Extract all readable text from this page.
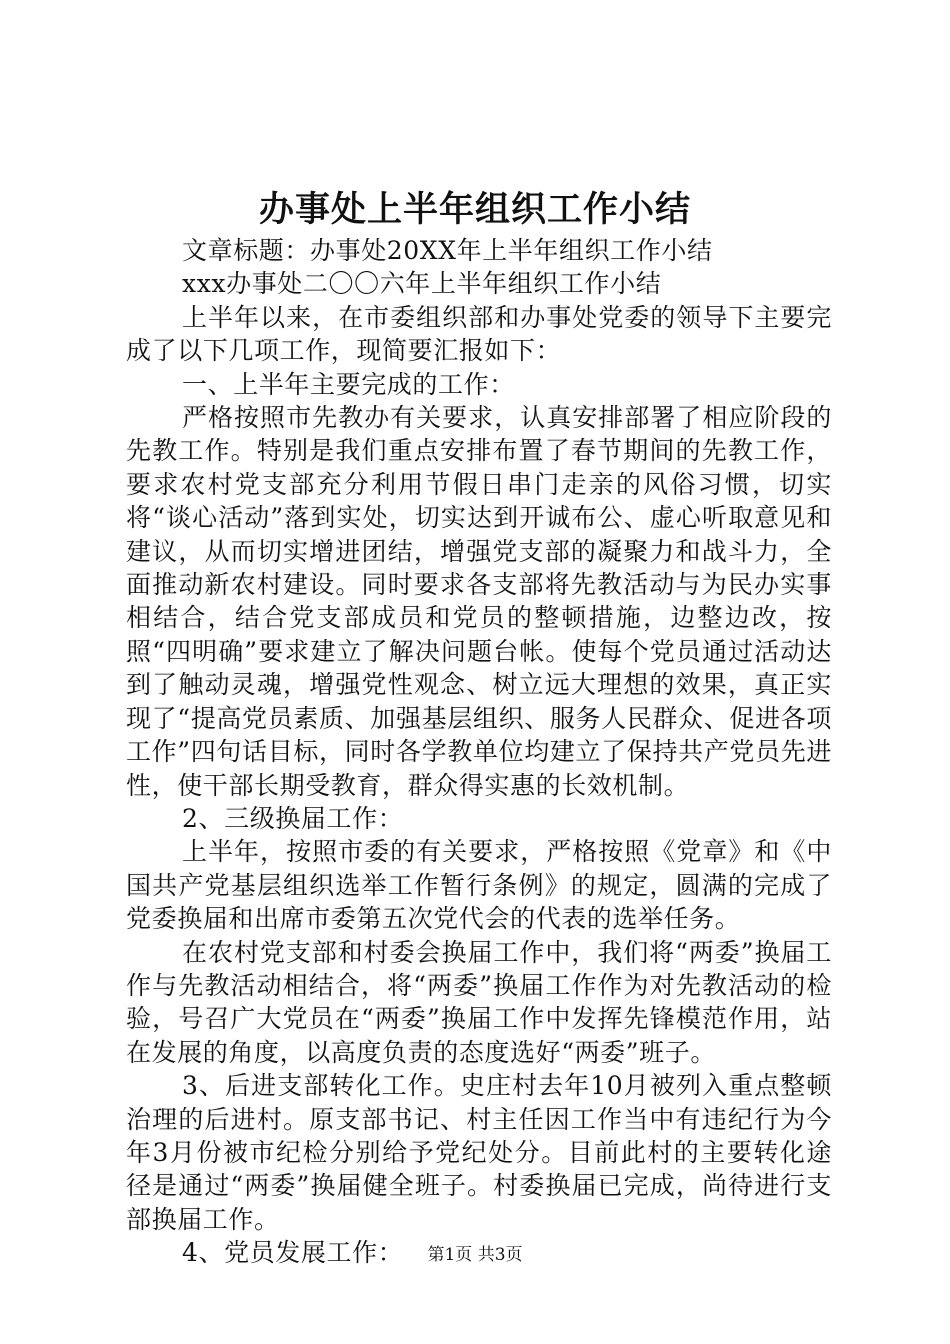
办事处上半年组织工作小结

文章标题：办事处20XX年上半年组织工作小结

xxx办事处二〇〇六年上半年组织工作小结

上半年以来，在市委组织部和办事处党委的领导下主要完成了以下几项工作，现简要汇报如下：

一、上半年主要完成的工作：

严格按照市先教办有关要求，认真安排部署了相应阶段的先教工作。特别是我们重点安排布置了春节期间的先教工作，要求农村党支部充分利用节假日串门走亲的风俗习惯，切实将“谈心活动”落到实处，切实达到开诚布公、虚心听取意见和建议，从而切实增进团结，增强党支部的凝聚力和战斗力，全面推动新农村建设。同时要求各支部将先教活动与为民办实事相结合，结合党支部成员和党员的整顿措施，边整边改，按照“四明确”要求建立了解决问题台帐。使每个党员通过活动达到了触动灵魂，增强党性观念、树立远大理想的效果，真正实现了“提高党员素质、加强基层组织、服务人民群众、促进各项工作”四句话目标，同时各学教单位均建立了保持共产党员先进性，使干部长期受教育，群众得实惠的长效机制。

2、三级换届工作：

上半年，按照市委的有关要求，严格按照《党章》和《中国共产党基层组织选举工作暂行条例》的规定，圆满的完成了党委换届和出席市委第五次党代会的代表的选举任务。

在农村党支部和村委会换届工作中，我们将“两委”换届工作与先教活动相结合，将“两委”换届工作作为对先教活动的检验，号召广大党员在“两委”换届工作中发挥先锋模范作用，站在发展的角度，以高度负责的态度选好“两委”班子。

3、后进支部转化工作。史庄村去年10月被列入重点整顿治理的后进村。原支部书记、村主任因工作当中有违纪行为今年3月份被市纪检分别给予党纪处分。目前此村的主要转化途径是通过“两委”换届健全班子。村委换届已完成，尚待进行支部换届工作。

4、党员发展工作：	第1页 共3页
